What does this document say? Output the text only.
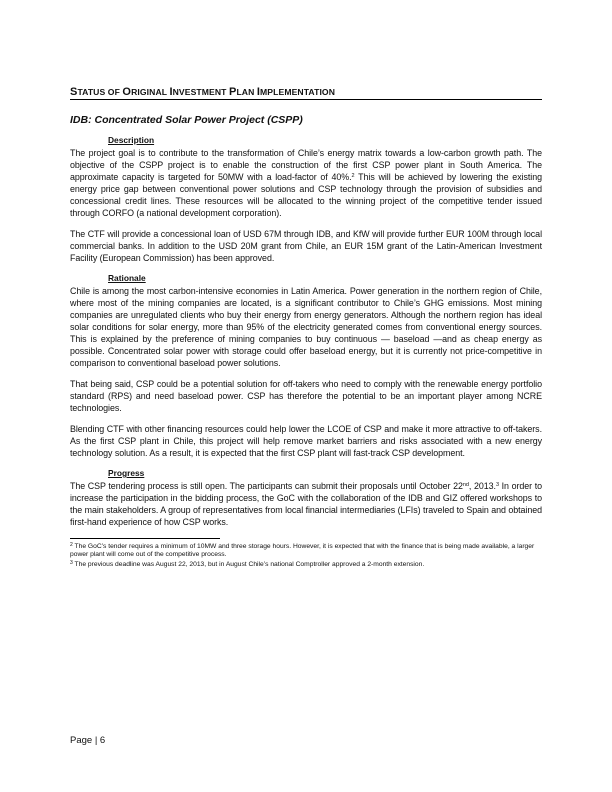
STATUS OF ORIGINAL INVESTMENT PLAN IMPLEMENTATION
IDB: Concentrated Solar Power Project (CSPP)
Description

The project goal is to contribute to the transformation of Chile’s energy matrix towards a low-carbon growth path. The objective of the CSPP project is to enable the construction of the first CSP power plant in South America. The approximate capacity is targeted for 50MW with a load-factor of 40%.$^2$ This will be achieved by lowering the existing energy price gap between conventional power solutions and CSP technology through the provision of subsidies and concessional credit lines. These resources will be allocated to the winning project of the competitive tender issued through CORFO (a national development corporation).

The CTF will provide a concessional loan of USD 67M through IDB, and KfW will provide further EUR 100M through local commercial banks. In addition to the USD 20M grant from Chile, an EUR 15M grant of the Latin-American Investment Facility (European Commission) has been approved.

Rationale

Chile is among the most carbon-intensive economies in Latin America. Power generation in the northern region of Chile, where most of the mining companies are located, is a significant contributor to Chile’s GHG emissions. Most mining companies are unregulated clients who buy their energy from energy generators. Although the northern region has ideal solar conditions for solar energy, more than 95% of the electricity generated comes from conventional energy sources. This is explained by the preference of mining companies to buy continuous — baseload —and as cheap energy as possible. Concentrated solar power with storage could offer baseload energy, but it is currently not price-competitive in comparison to conventional baseload power solutions.

That being said, CSP could be a potential solution for off-takers who need to comply with the renewable energy portfolio standard (RPS) and need baseload power. CSP has therefore the potential to be an important player among NCRE technologies.

Blending CTF with other financing resources could help lower the LCOE of CSP and make it more attractive to off-takers. As the first CSP plant in Chile, this project will help remove market barriers and risks associated with a new energy technology solution. As a result, it is expected that the first CSP plant will fast-track CSP development.

Progress

The CSP tendering process is still open. The participants can submit their proposals until October 22nd, 2013.$^3$ In order to increase the participation in the bidding process, the GoC with the collaboration of the IDB and GIZ offered workshops to the main stakeholders. A group of representatives from local financial intermediaries (LFIs) traveled to Spain and obtained first-hand experience of how CSP works.

$^2$ The GoC’s tender requires a minimum of 10MW and three storage hours. However, it is expected that with the finance that is being made available, a larger power plant will come out of the competitive process.

$^3$ The previous deadline was August 22, 2013, but in August Chile’s national Comptroller approved a 2-month extension.

Page | 6
